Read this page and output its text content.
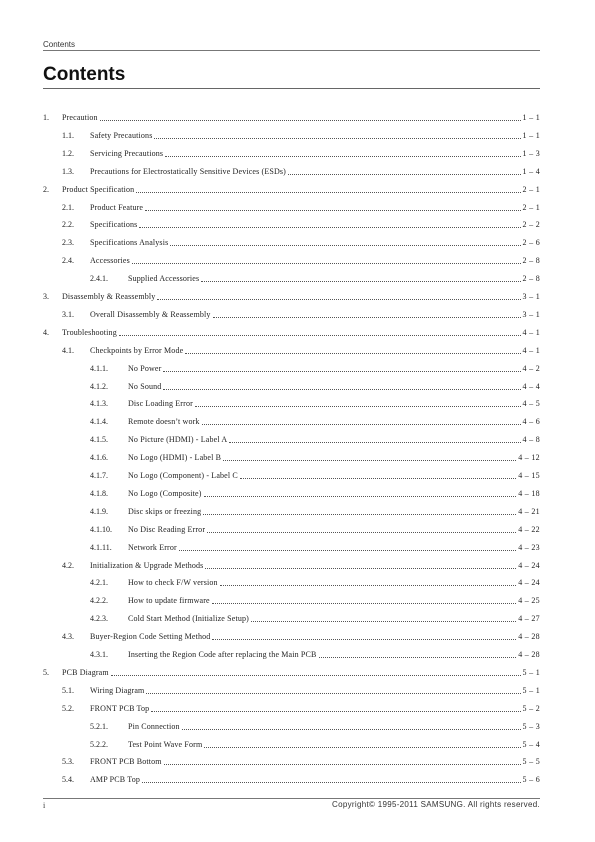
Contents
Contents
1. Precaution	1 – 1
1.1. Safety Precautions	1 – 1
1.2. Servicing Precautions	1 – 3
1.3. Precautions for Electrostatically Sensitive Devices (ESDs)	1 – 4
2. Product Specification	2 – 1
2.1. Product Feature	2 – 1
2.2. Specifications	2 – 2
2.3. Specifications Analysis	2 – 6
2.4. Accessories	2 – 8
2.4.1.	Supplied Accessories	2 – 8
3. Disassembly & Reassembly	3 – 1
3.1. Overall Disassembly & Reassembly	3 – 1
4. Troubleshooting	4 – 1
4.1. Checkpoints by Error Mode	4 – 1
4.1.1.	No Power	4 – 2
4.1.2.	No Sound	4 – 4
4.1.3.	Disc Loading Error	4 – 5
4.1.4.	Remote doesn’t work	4 – 6
4.1.5.	No Picture (HDMI) - Label A	4 – 8
4.1.6.	No Logo (HDMI) - Label B	4 – 12
4.1.7.	No Logo (Component) - Label C	4 – 15
4.1.8.	No Logo (Composite)	4 – 18
4.1.9.	Disc skips or freezing	4 – 21
4.1.10. No Disc Reading Error	4 – 22
4.1.11. Network Error	4 – 23
4.2. Initialization & Upgrade Methods	4 – 24
4.2.1.	How to check F/W version	4 – 24
4.2.2.	How to update firmware	4 – 25
4.2.3.	Cold Start Method (Initialize Setup)	4 – 27
4.3. Buyer-Region Code Setting Method	4 – 28
4.3.1.	Inserting the Region Code after replacing the Main PCB	4 – 28
5. PCB Diagram	5 – 1
5.1. Wiring Diagram	5 – 1
5.2. FRONT PCB Top	5 – 2
5.2.1.	Pin Connection	5 – 3
5.2.2.	Test Point Wave Form	5 – 4
5.3. FRONT PCB Bottom	5 – 5
5.4. AMP PCB Top	5 – 6
i	Copyright© 1995-2011 SAMSUNG. All rights reserved.
